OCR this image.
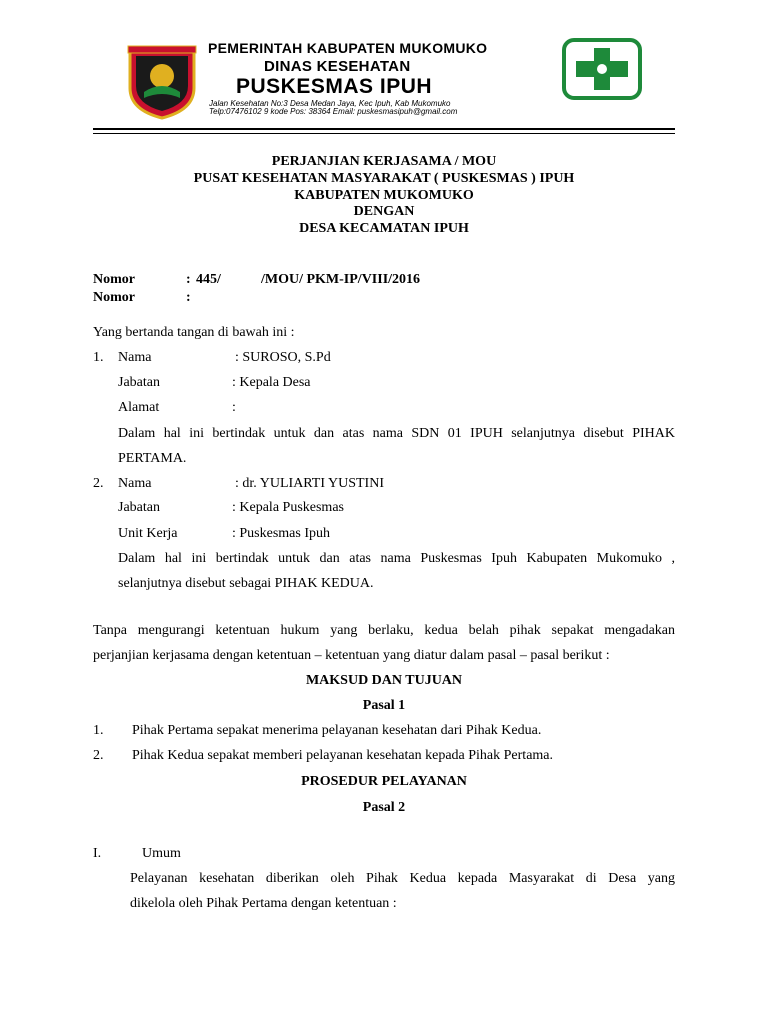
PEMERINTAH KABUPATEN MUKOMUKO
DINAS KESEHATAN
PUSKESMAS IPUH
Jalan Kesehatan No:3 Desa Medan Jaya, Kec Ipuh, Kab Mukomuko
Telp:07476102 9 kode Pos: 38364 Email: puskesmasipuh@gmail.com
PERJANJIAN KERJASAMA / MOU
PUSAT KESEHATAN MASYARAKAT ( PUSKESMAS ) IPUH
KABUPATEN MUKOMUKO
DENGAN
DESA KECAMATAN IPUH
Nomor	: 445/	/MOU/ PKM-IP/VIII/2016
Nomor	:
Yang bertanda tangan di bawah ini :
1. Nama	: SUROSO, S.Pd
Jabatan	: Kepala Desa
Alamat	:
Dalam hal ini bertindak untuk dan atas nama SDN 01 IPUH selanjutnya disebut PIHAK
PERTAMA.
2. Nama	: dr. YULIARTI YUSTINI
Jabatan	: Kepala Puskesmas
Unit Kerja	: Puskesmas Ipuh
Dalam hal ini bertindak untuk dan atas nama Puskesmas Ipuh Kabupaten Mukomuko ,
selanjutnya disebut sebagai PIHAK KEDUA.
Tanpa mengurangi ketentuan hukum yang berlaku, kedua belah pihak sepakat mengadakan
perjanjian kerjasama dengan ketentuan – ketentuan yang diatur dalam pasal – pasal berikut :
MAKSUD DAN TUJUAN
Pasal 1
1. Pihak Pertama sepakat menerima pelayanan kesehatan dari Pihak Kedua.
2. Pihak Kedua sepakat memberi pelayanan kesehatan kepada Pihak Pertama.
PROSEDUR PELAYANAN
Pasal 2
I.	Umum
Pelayanan kesehatan diberikan oleh Pihak Kedua kepada Masyarakat di Desa yang
dikelola oleh Pihak Pertama dengan ketentuan :
